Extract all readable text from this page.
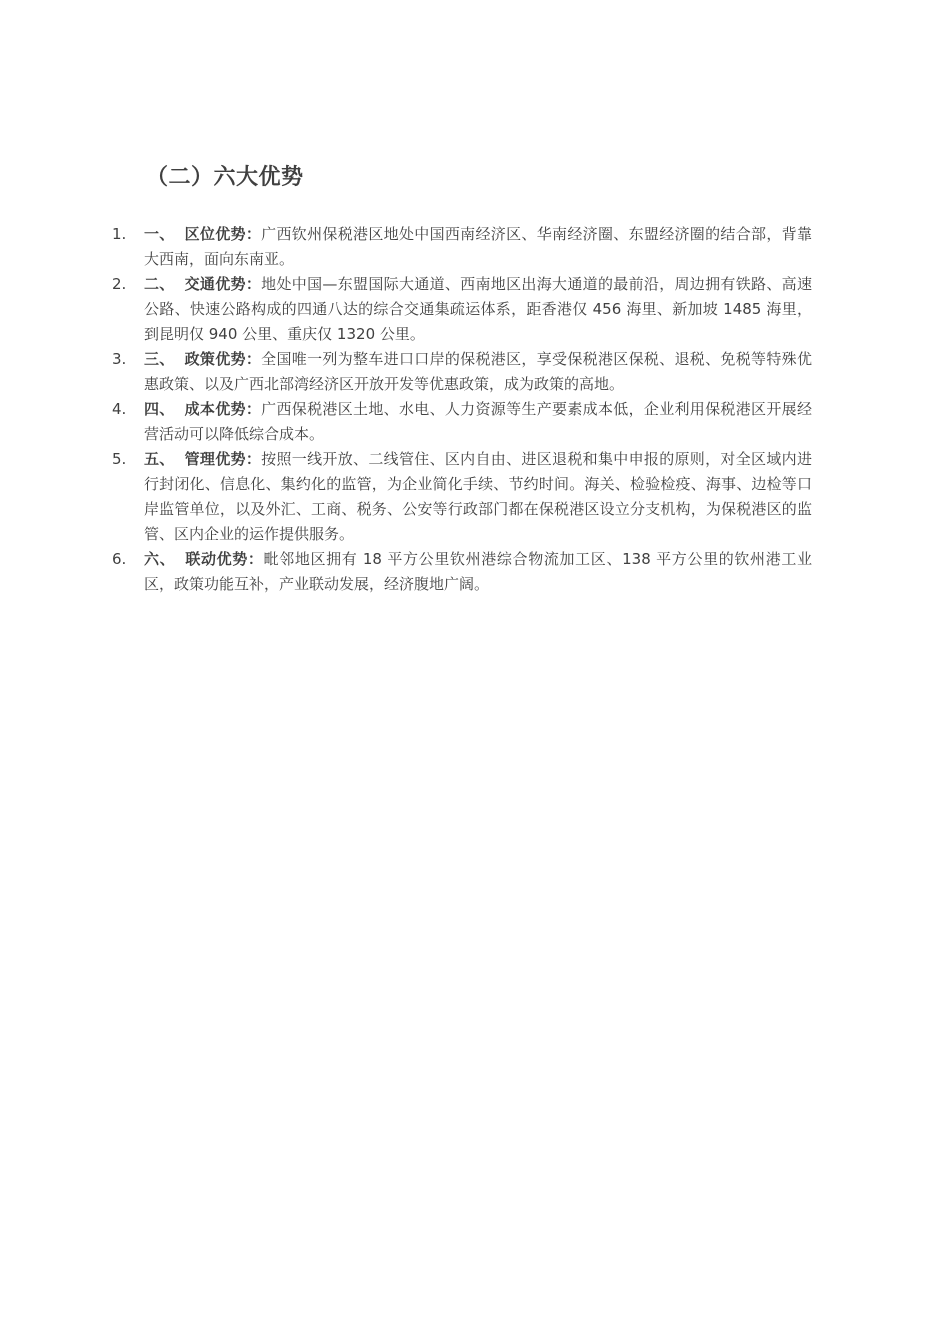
（二）六大优势
1.	一、 区位优势：广西钦州保税港区地处中国西南经济区、华南经济圈、东盟经济圈的结合部，背靠大西南，面向东南亚。
2.	二、 交通优势：地处中国—东盟国际大通道、西南地区出海大通道的最前沿，周边拥有铁路、高速公路、快速公路构成的四通八达的综合交通集疏运体系，距香港仅 456 海里、新加坡 1485 海里，到昆明仅 940 公里、重庆仅 1320 公里。
3.	三、 政策优势：全国唯一列为整车进口口岸的保税港区，享受保税港区保税、退税、免税等特殊优惠政策、以及广西北部湾经济区开放开发等优惠政策，成为政策的高地。
4.	四、 成本优势：广西保税港区土地、水电、人力资源等生产要素成本低，企业利用保税港区开展经营活动可以降低综合成本。
5.	五、 管理优势：按照一线开放、二线管住、区内自由、进区退税和集中申报的原则，对全区域内进行封闭化、信息化、集约化的监管，为企业简化手续、节约时间。海关、检验检疫、海事、边检等口岸监管单位，以及外汇、工商、税务、公安等行政部门都在保税港区设立分支机构，为保税港区的监管、区内企业的运作提供服务。
6.	六、 联动优势：毗邻地区拥有 18 平方公里钦州港综合物流加工区、138 平方公里的钦州港工业区，政策功能互补，产业联动发展，经济腹地广阔。
